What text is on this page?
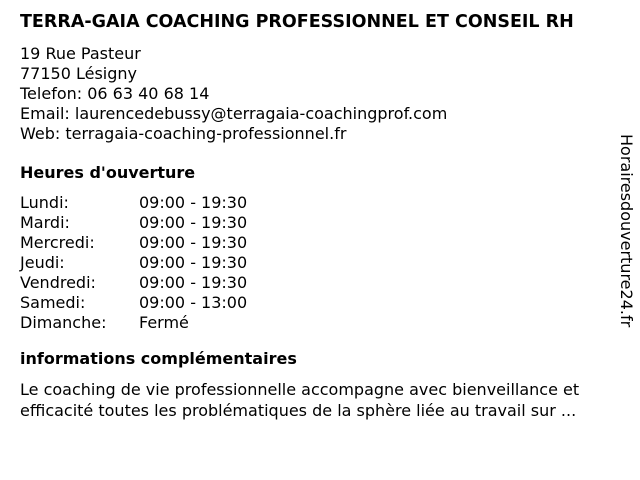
TERRA-GAIA COACHING PROFESSIONNEL ET CONSEIL RH
19 Rue Pasteur
77150 Lésigny
Telefon: 06 63 40 68 14
Email: laurencedebussy@terragaia-coachingprof.com
Web: terragaia-coaching-professionnel.fr
Heures d'ouverture
Lundi:	09:00 - 19:30
Mardi:	09:00 - 19:30
Mercredi:	09:00 - 19:30
Jeudi:	09:00 - 19:30
Vendredi:	09:00 - 19:30
Samedi:	09:00 - 13:00
Dimanche:	Fermé
informations complémentaires
Le coaching de vie professionnelle accompagne avec bienveillance et efficacité toutes les problématiques de la sphère liée au travail sur ...
Horairesdouverture24.fr
